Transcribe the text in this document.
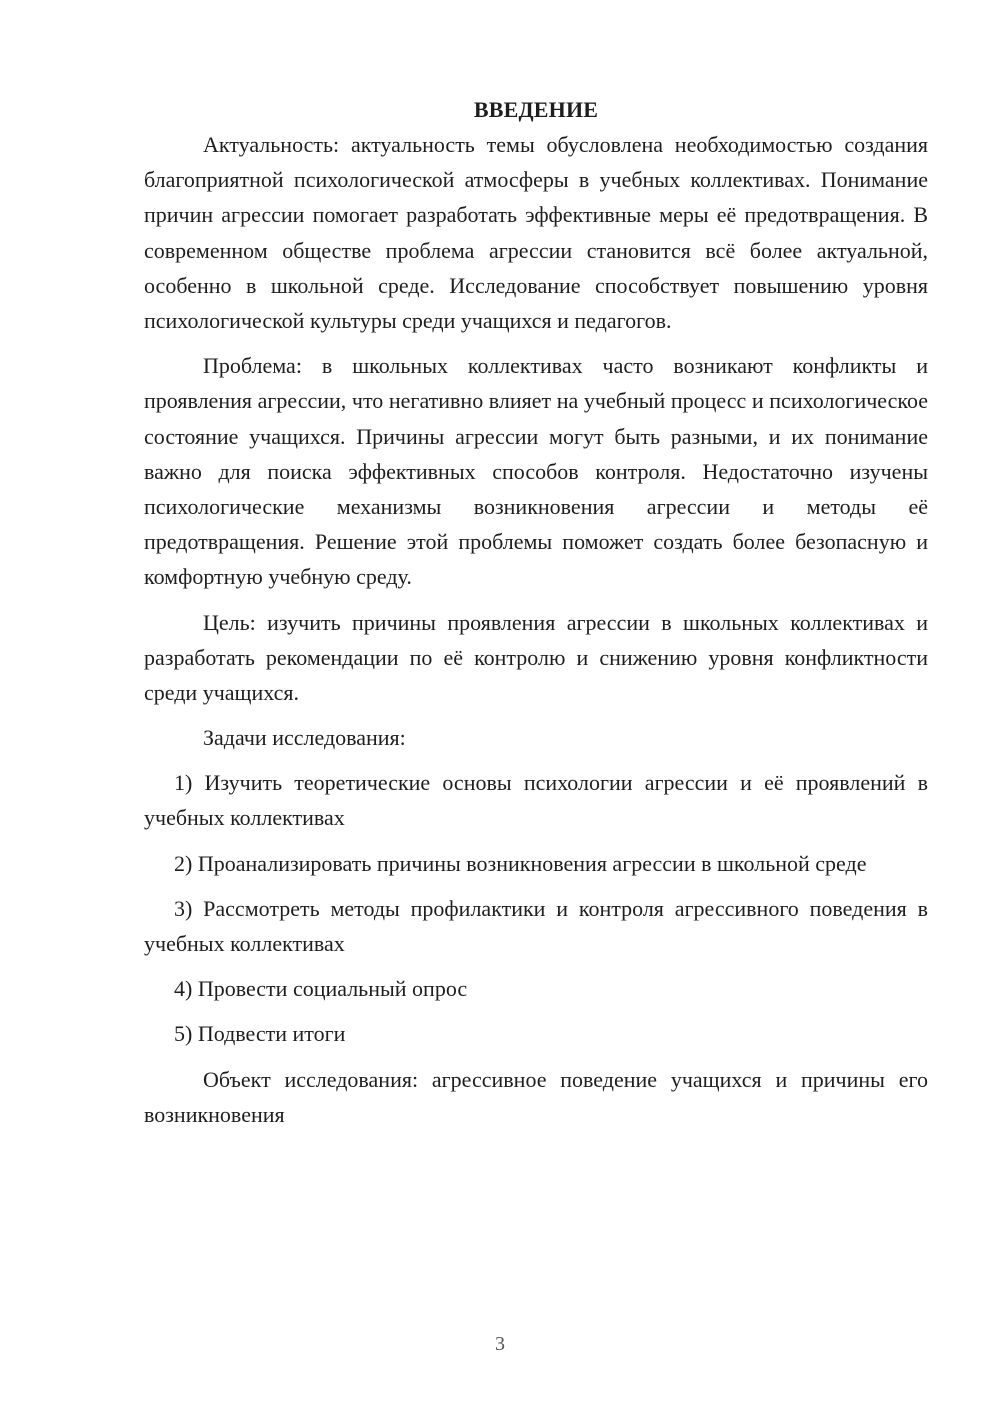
ВВЕДЕНИЕ

Актуальность: актуальность темы обусловлена необходимостью создания благоприятной психологической атмосферы в учебных коллективах. Понимание причин агрессии помогает разработать эффективные меры её предотвращения. В современном обществе проблема агрессии становится всё более актуальной, особенно в школьной среде. Исследование способствует повышению уровня психологической культуры среди учащихся и педагогов.

Проблема: в школьных коллективах часто возникают конфликты и проявления агрессии, что негативно влияет на учебный процесс и психологическое состояние учащихся. Причины агрессии могут быть разными, и их понимание важно для поиска эффективных способов контроля. Недостаточно изучены психологические механизмы возникновения агрессии и методы её предотвращения. Решение этой проблемы поможет создать более безопасную и комфортную учебную среду.

Цель: изучить причины проявления агрессии в школьных коллективах и разработать рекомендации по её контролю и снижению уровня конфликтности среди учащихся.

Задачи исследования:

1) Изучить теоретические основы психологии агрессии и её проявлений в учебных коллективах

2) Проанализировать причины возникновения агрессии в школьной среде

3) Рассмотреть методы профилактики и контроля агрессивного поведения в учебных коллективах

4) Провести социальный опрос

5) Подвести итоги

Объект исследования: агрессивное поведение учащихся и причины его возникновения

3
